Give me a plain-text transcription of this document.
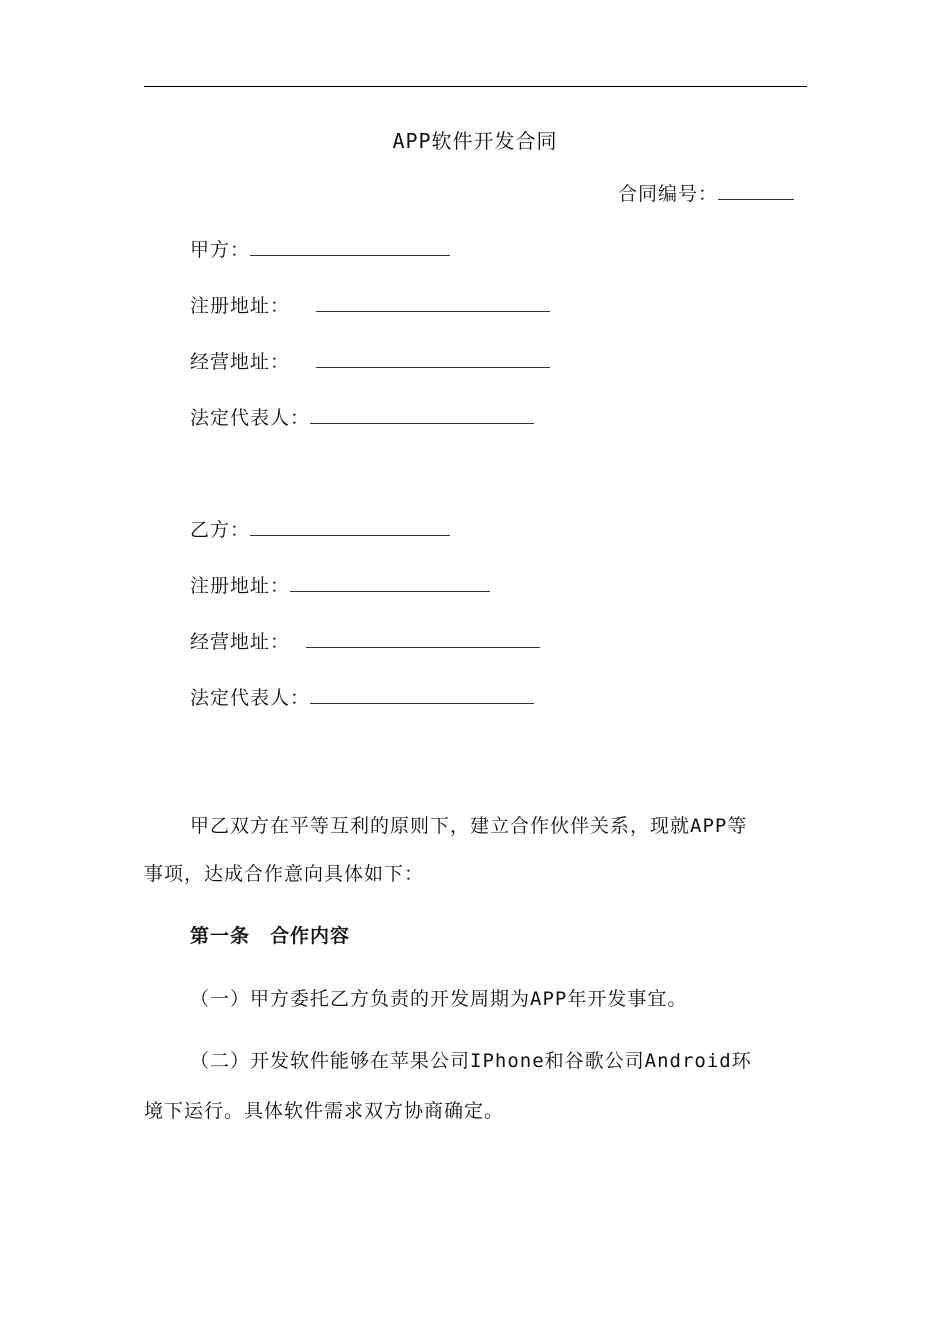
APP软件开发合同
合同编号：
甲方：
注册地址：
经营地址：
法定代表人：
乙方：
注册地址：
经营地址：
法定代表人：
甲乙双方在平等互利的原则下，建立合作伙伴关系，现就APP等
事项，达成合作意向具体如下：
第一条　合作内容
（一）甲方委托乙方负责的开发周期为APP年开发事宜。
（二）开发软件能够在苹果公司IPhone和谷歌公司Android环
境下运行。具体软件需求双方协商确定。
